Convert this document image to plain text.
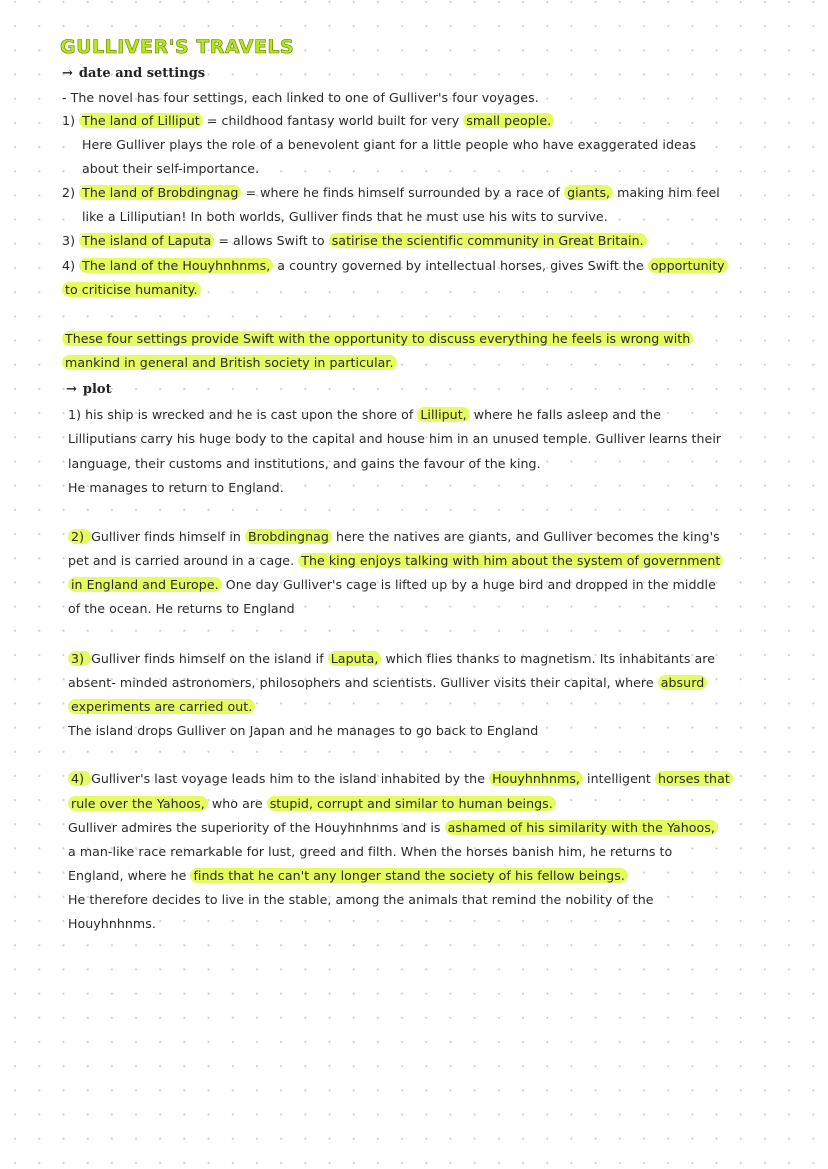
GULLIVER'S TRAVELS
→ date and settings
- The novel has four settings, each linked to one of Gulliver's four voyages.
1) The land of Lilliput = childhood fantasy world built for very small people.
Here Gulliver plays the role of a benevolent giant for a little people who have exaggerated ideas
about their self-importance.
2) The land of Brobdingnag = where he finds himself surrounded by a race of giants, making him feel
like a Lilliputian! In both worlds, Gulliver finds that he must use his wits to survive.
3) The island of Laputa = allows Swift to satirise the scientific community in Great Britain.
4) The land of the Houyhnhnms, a country governed by intellectual horses, gives Swift the opportunity
to criticise humanity.
These four settings provide Swift with the opportunity to discuss everything he feels is wrong with
mankind in general and British society in particular.
→ plot
1) his ship is wrecked and he is cast upon the shore of Lilliput, where he falls asleep and the
Lilliputians carry his huge body to the capital and house him in an unused temple. Gulliver learns their
language, their customs and institutions, and gains the favour of the king.
He manages to return to England.
2) Gulliver finds himself in Brobdingnag here the natives are giants, and Gulliver becomes the king's
pet and is carried around in a cage. The king enjoys talking with him about the system of government
in England and Europe. One day Gulliver's cage is lifted up by a huge bird and dropped in the middle
of the ocean. He returns to England
3) Gulliver finds himself on the island if Laputa, which flies thanks to magnetism. Its inhabitants are
absent- minded astronomers, philosophers and scientists. Gulliver visits their capital, where absurd
experiments are carried out.
The island drops Gulliver on Japan and he manages to go back to England
4) Gulliver's last voyage leads him to the island inhabited by the Houyhnhnms, intelligent horses that
rule over the Yahoos, who are stupid, corrupt and similar to human beings.
Gulliver admires the superiority of the Houyhnhnms and is ashamed of his similarity with the Yahoos,
a man-like race remarkable for lust, greed and filth. When the horses banish him, he returns to
England, where he finds that he can't any longer stand the society of his fellow beings.
He therefore decides to live in the stable, among the animals that remind the nobility of the
Houyhnhnms.
